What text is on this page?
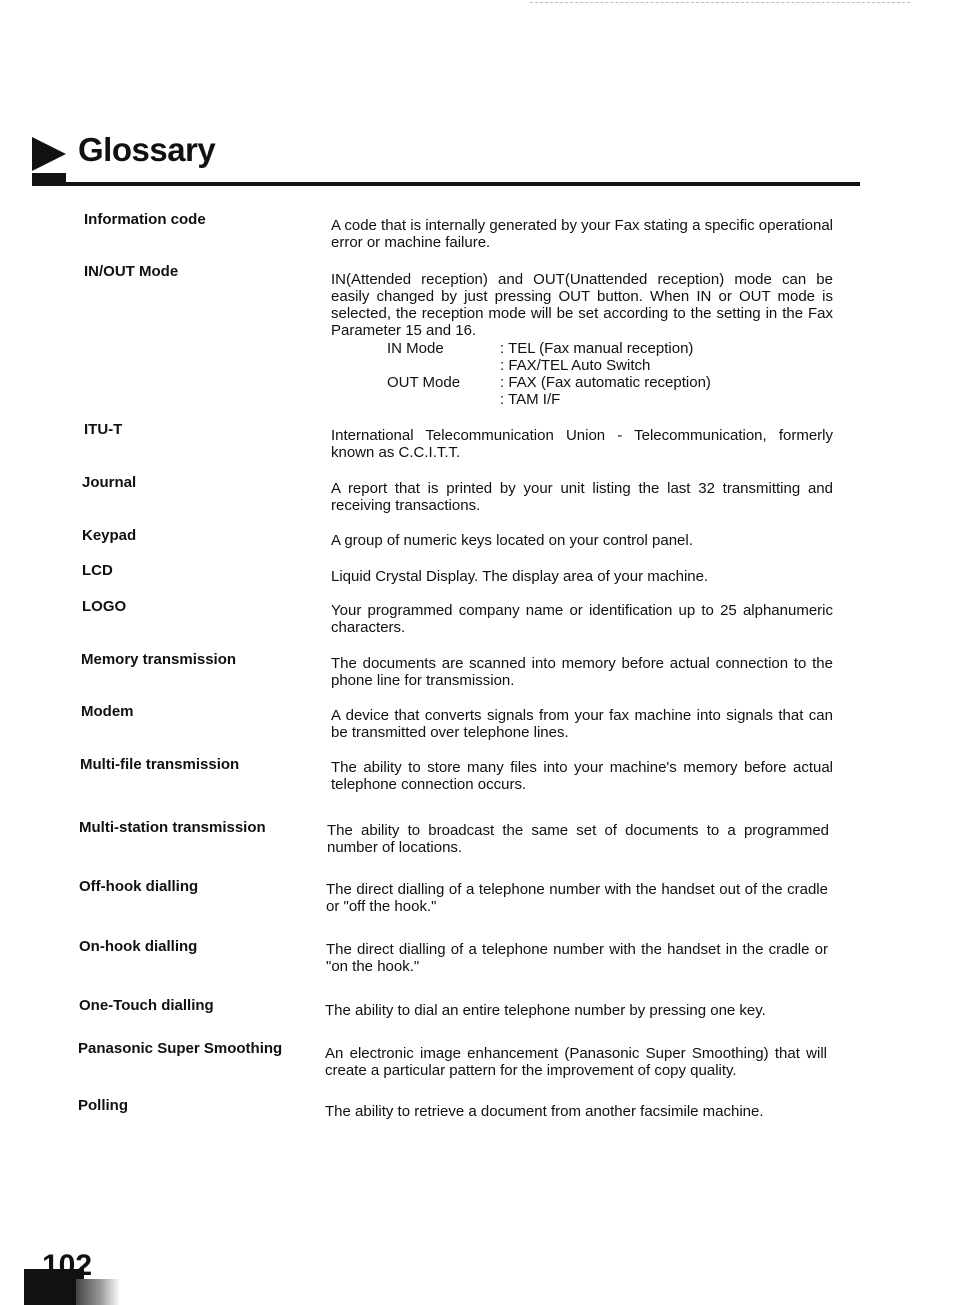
Glossary
Information code	A code that is internally generated by your Fax stating a specific operational error or machine failure.
IN/OUT Mode	IN(Attended reception) and OUT(Unattended reception) mode can be easily changed by just pressing OUT button. When IN or OUT mode is selected, the reception mode will be set according to the setting in the Fax Parameter 15 and 16.
IN Mode	: TEL (Fax manual reception)
: FAX/TEL Auto Switch
OUT Mode	: FAX (Fax automatic reception)
: TAM I/F
ITU-T	International Telecommunication Union - Telecommunication, formerly known as C.C.I.T.T.
Journal	A report that is printed by your unit listing the last 32 transmitting and receiving transactions.
Keypad	A group of numeric keys located on your control panel.
LCD	Liquid Crystal Display. The display area of your machine.
LOGO	Your programmed company name or identification up to 25 alphanumeric characters.
Memory transmission	The documents are scanned into memory before actual connection to the phone line for transmission.
Modem	A device that converts signals from your fax machine into signals that can be transmitted over telephone lines.
Multi-file transmission	The ability to store many files into your machine's memory before actual telephone connection occurs.
Multi-station transmission	The ability to broadcast the same set of documents to a programmed number of locations.
Off-hook dialling	The direct dialling of a telephone number with the handset out of the cradle or "off the hook."
On-hook dialling	The direct dialling of a telephone number with the handset in the cradle or "on the hook."
One-Touch dialling	The ability to dial an entire telephone number by pressing one key.
Panasonic Super Smoothing	An electronic image enhancement (Panasonic Super Smoothing) that will create a particular pattern for the improvement of copy quality.
Polling	The ability to retrieve a document from another facsimile machine.
102
